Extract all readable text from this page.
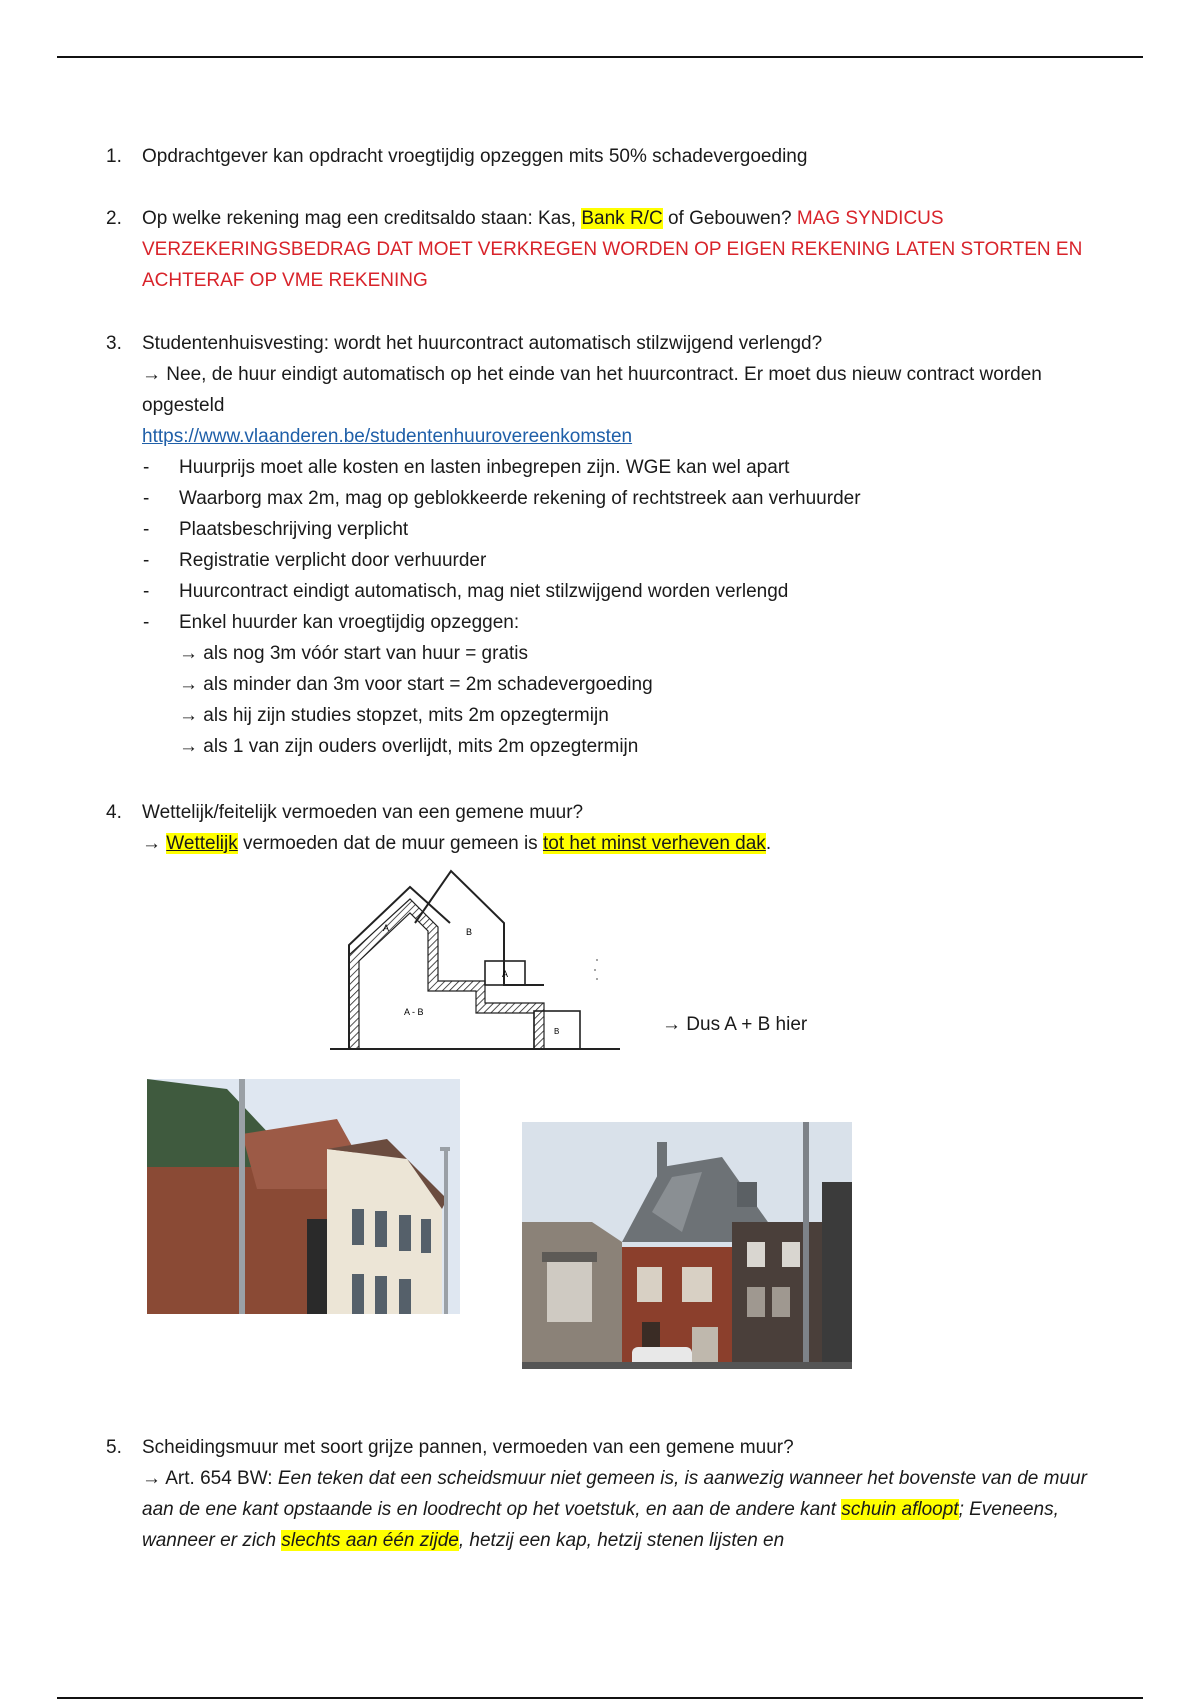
1.	Opdrachtgever kan opdracht vroegtijdig opzeggen mits 50% schadevergoeding
2.	Op welke rekening mag een creditsaldo staan: Kas, Bank R/C of Gebouwen? MAG SYNDICUS VERZEKERINGSBEDRAG DAT MOET VERKREGEN WORDEN OP EIGEN REKENING LATEN STORTEN EN ACHTERAF OP VME REKENING
3.	Studentenhuisvesting: wordt het huurcontract automatisch stilzwijgend verlengd?
→ Nee, de huur eindigt automatisch op het einde van het huurcontract. Er moet dus nieuw contract worden opgesteld
https://www.vlaanderen.be/studentenhuurovereenkomsten
- Huurprijs moet alle kosten en lasten inbegrepen zijn. WGE kan wel apart
- Waarborg max 2m, mag op geblokkeerde rekening of rechtstreek aan verhuurder
- Plaatsbeschrijving verplicht
- Registratie verplicht door verhuurder
- Huurcontract eindigt automatisch, mag niet stilzwijgend worden verlengd
- Enkel huurder kan vroegtijdig opzeggen:
→ als nog 3m vóór start van huur = gratis
→ als minder dan 3m voor start = 2m schadevergoeding
→ als hij zijn studies stopzet, mits 2m opzegtermijn
→ als 1 van zijn ouders overlijdt, mits 2m opzegtermijn
4.	Wettelijk/feitelijk vermoeden van een gemene muur?
→ Wettelijk vermoeden dat de muur gemeen is tot het minst verheven dak.
A	B
A - B
A
B	→ Dus A + B hier
5.	Scheidingsmuur met soort grijze pannen, vermoeden van een gemene muur?
→ Art. 654 BW: Een teken dat een scheidsmuur niet gemeen is, is aanwezig wanneer het bovenste van de muur aan de ene kant opstaande is en loodrecht op het voetstuk, en aan de andere kant schuin afloopt; Eveneens, wanneer er zich slechts aan één zijde, hetzij een kap, hetzij stenen lijsten en
